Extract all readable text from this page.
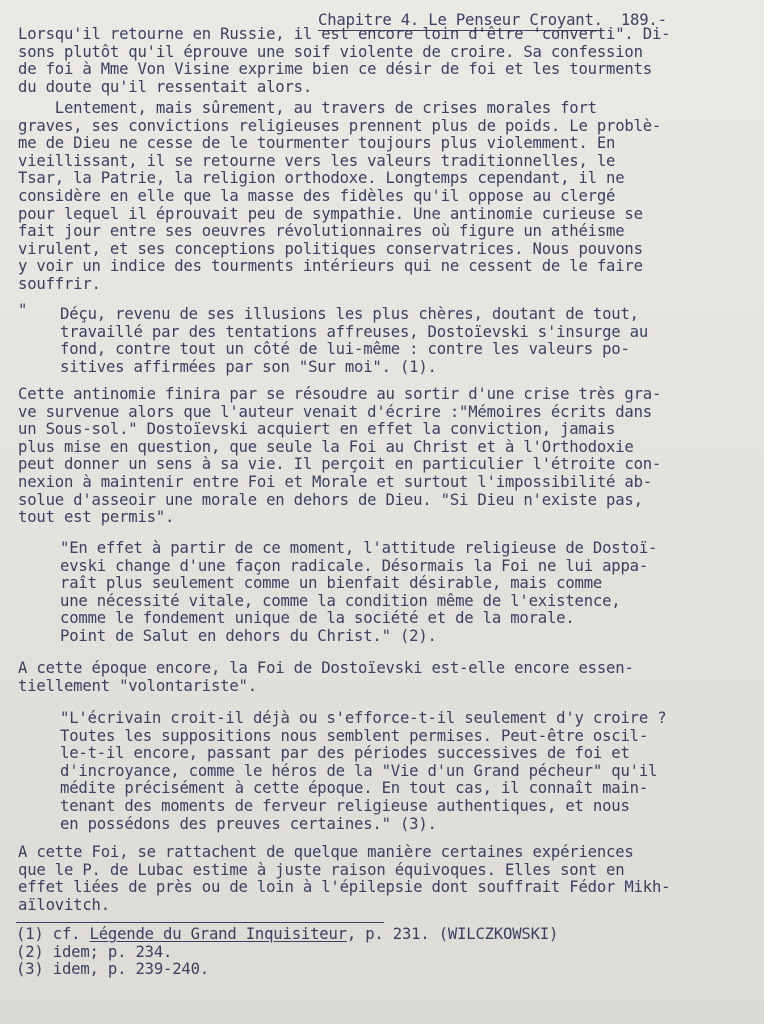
Chapitre 4. Le Penseur Croyant. 189.-

Lorsqu'il retourne en Russie, il est encore loin d'être 'converti". Di-
sons plutôt qu'il éprouve une soif violente de croire. Sa confession
de foi à Mme Von Visine exprime bien ce désir de foi et les tourments
du doute qu'il ressentait alors.

Lentement, mais sûrement, au travers de crises morales fort
graves, ses convictions religieuses prennent plus de poids. Le problè-
me de Dieu ne cesse de le tourmenter toujours plus violemment. En
vieillissant, il se retourne vers les valeurs traditionnelles, le
Tsar, la Patrie, la religion orthodoxe. Longtemps cependant, il ne
considère en elle que la masse des fidèles qu'il oppose au clergé
pour lequel il éprouvait peu de sympathie. Une antinomie curieuse se
fait jour entre ses oeuvres révolutionnaires où figure un athéisme
virulent, et ses conceptions politiques conservatrices. Nous pouvons
y voir un indice des tourments intérieurs qui ne cessent de le faire
souffrir.

" Déçu, revenu de ses illusions les plus chères, doutant de tout,
travaillé par des tentations affreuses, Dostoïevski s'insurge au
fond, contre tout un côté de lui-même : contre les valeurs po-
sitives affirmées par son "Sur moi". (1).

Cette antinomie finira par se résoudre au sortir d'une crise très gra-
ve survenue alors que l'auteur venait d'écrire :"Mémoires écrits dans
un Sous-sol." Dostoïevski acquiert en effet la conviction, jamais
plus mise en question, que seule la Foi au Christ et à l'Orthodoxie
peut donner un sens à sa vie. Il perçoit en particulier l'étroite con-
nexion à maintenir entre Foi et Morale et surtout l'impossibilité ab-
solue d'asseoir une morale en dehors de Dieu. "Si Dieu n'existe pas,
tout est permis".

"En effet à partir de ce moment, l'attitude religieuse de Dostoï-
evski change d'une façon radicale. Désormais la Foi ne lui appa-
raît plus seulement comme un bienfait désirable, mais comme
une nécessité vitale, comme la condition même de l'existence,
comme le fondement unique de la société et de la morale.
Point de Salut en dehors du Christ." (2).

A cette époque encore, la Foi de Dostoïevski est-elle encore essen-
tiellement "volontariste".

"L'écrivain croit-il déjà ou s'efforce-t-il seulement d'y croire ?
Toutes les suppositions nous semblent permises. Peut-être oscil-
le-t-il encore, passant par des périodes successives de foi et
d'incroyance, comme le héros de la "Vie d'un Grand pécheur" qu'il
médite précisément à cette époque. En tout cas, il connaît main-
tenant des moments de ferveur religieuse authentiques, et nous
en possédons des preuves certaines." (3).

A cette Foi, se rattachent de quelque manière certaines expériences
que le P. de Lubac estime à juste raison équivoques. Elles sont en
effet liées de près ou de loin à l'épilepsie dont souffrait Fédor Mikh-
aïlovitch.

(1) cf. Légende du Grand Inquisiteur, p. 231. (WILCZKOWSKI)
(2) idem; p. 234.
(3) idem, p. 239-240.
